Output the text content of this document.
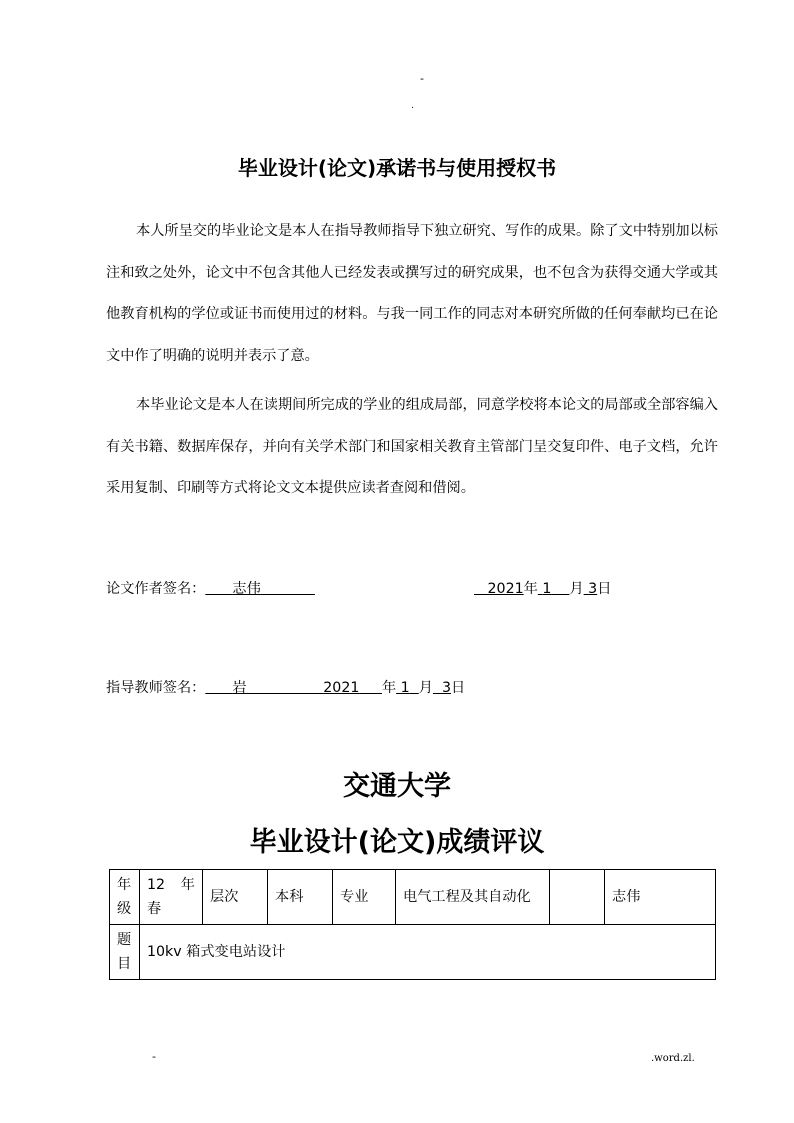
-
.
毕业设计(论文)承诺书与使用授权书

本人所呈交的毕业论文是本人在指导教师指导下独立研究、写作的成果。除了文中特别加以标注和致之处外，论文中不包含其他人已经发表或撰写过的研究成果，也不包含为获得交通大学或其他教育机构的学位或证书而使用过的材料。与我一同工作的同志对本研究所做的任何奉献均已在论文中作了明确的说明并表示了意。

本毕业论文是本人在读期间所完成的学业的组成局部，同意学校将本论文的局部或全部容编入有关书籍、数据库保存，并向有关学术部门和国家相关教育主管部门呈交复印件、电子文档，允许采用复制、印刷等方式将论文文本提供应读者查阅和借阅。

论文作者签名： 志伟	2021年 1 月 3日
指导教师签名： 岩	2021 年 1 月 3日
交通大学
毕业设计(论文)成绩评议
年级	12　年春	层次	本科	专业	电气工程及其自动化		志伟
题目	10kv 箱式变电站设计						
-	.word.zl.
